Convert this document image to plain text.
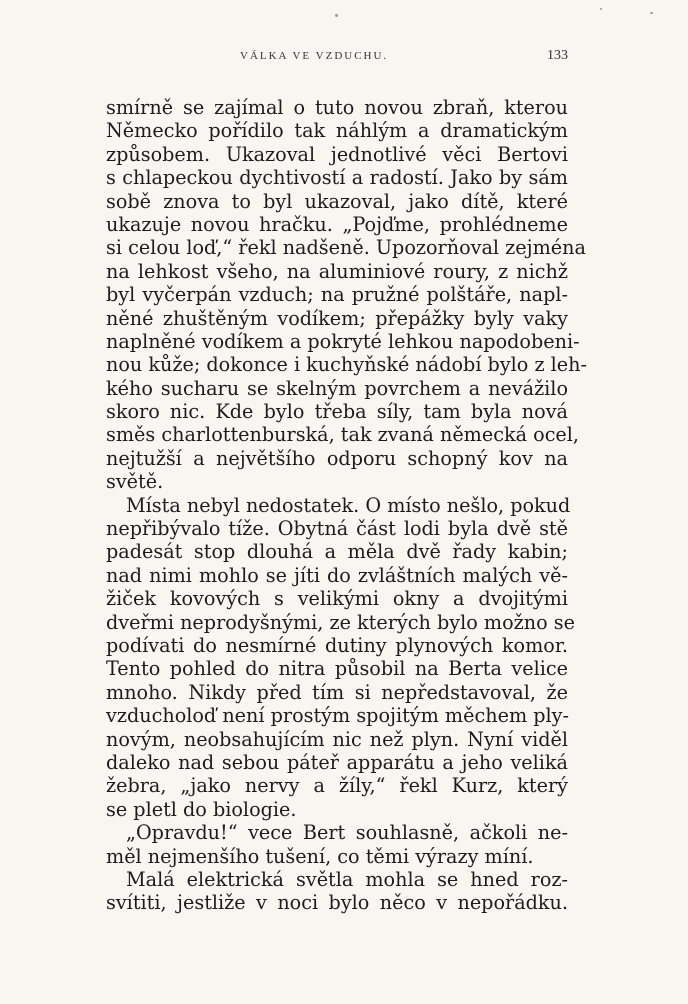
VÁLKA VE VZDUCHU.	133
smírně se zajímal o tuto novou zbraň, kterou
Německo pořídilo tak náhlým a dramatickým
způsobem. Ukazoval jednotlivé věci Bertovi
s chlapeckou dychtivostí a radostí. Jako by sám
sobě znova to byl ukazoval, jako dítě, které
ukazuje novou hračku. „Pojďme, prohlédneme
si celou loď,“ řekl nadšeně. Upozorňoval zejména
na lehkost všeho, na aluminiové roury, z nichž
byl vyčerpán vzduch; na pružné polštáře, napl-
něné zhuštěným vodíkem; přepážky byly vaky
naplněné vodíkem a pokryté lehkou napodobeni-
nou kůže; dokonce i kuchyňské nádobí bylo z leh-
kého sucharu se skelným povrchem a nevážilo
skoro nic. Kde bylo třeba síly, tam byla nová
směs charlottenburská, tak zvaná německá ocel,
nejtužší a největšího odporu schopný kov na
světě.
Místa nebyl nedostatek. O místo nešlo, pokud
nepřibývalo tíže. Obytná část lodi byla dvě stě
padesát stop dlouhá a měla dvě řady kabin;
nad nimi mohlo se jíti do zvláštních malých vě-
žiček kovových s velikými okny a dvojitými
dveřmi neprodyšnými, ze kterých bylo možno se
podívati do nesmírné dutiny plynových komor.
Tento pohled do nitra působil na Berta velice
mnoho. Nikdy před tím si nepředstavoval, že
vzducholoď není prostým spojitým měchem ply-
novým, neobsahujícím nic než plyn. Nyní viděl
daleko nad sebou páteř apparátu a jeho veliká
žebra, „jako nervy a žíly,“ řekl Kurz, který
se pletl do biologie.
„Opravdu!“ vece Bert souhlasně, ačkoli ne-
měl nejmenšího tušení, co těmi výrazy míní.
Malá elektrická světla mohla se hned roz-
svítiti, jestliže v noci bylo něco v nepořádku.
